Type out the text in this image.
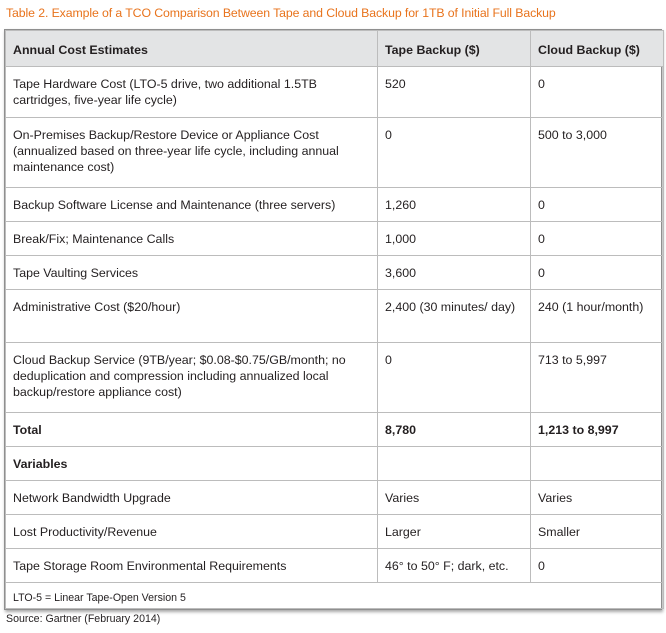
Table 2. Example of a TCO Comparison Between Tape and Cloud Backup for 1TB of Initial Full Backup
Annual Cost Estimates	Tape Backup ($)	Cloud Backup ($)
Tape Hardware Cost (LTO-5 drive, two additional 1.5TB cartridges, five-year life cycle)	520	0
On-Premises Backup/Restore Device or Appliance Cost (annualized based on three-year life cycle, including annual maintenance cost)	0	500 to 3,000
Backup Software License and Maintenance (three servers)	1,260	0
Break/Fix; Maintenance Calls	1,000	0
Tape Vaulting Services	3,600	0
Administrative Cost ($20/hour)	2,400 (30 minutes/ day)	240 (1 hour/month)
Cloud Backup Service (9TB/year; $0.08-$0.75/GB/month; no deduplication and compression including annualized local backup/restore appliance cost)	0	713 to 5,997
Total	8,780	1,213 to 8,997
Variables		
Network Bandwidth Upgrade	Varies	Varies
Lost Productivity/Revenue	Larger	Smaller
Tape Storage Room Environmental Requirements	46° to 50° F; dark, etc.	0
LTO-5 = Linear Tape-Open Version 5		
Source: Gartner (February 2014)
